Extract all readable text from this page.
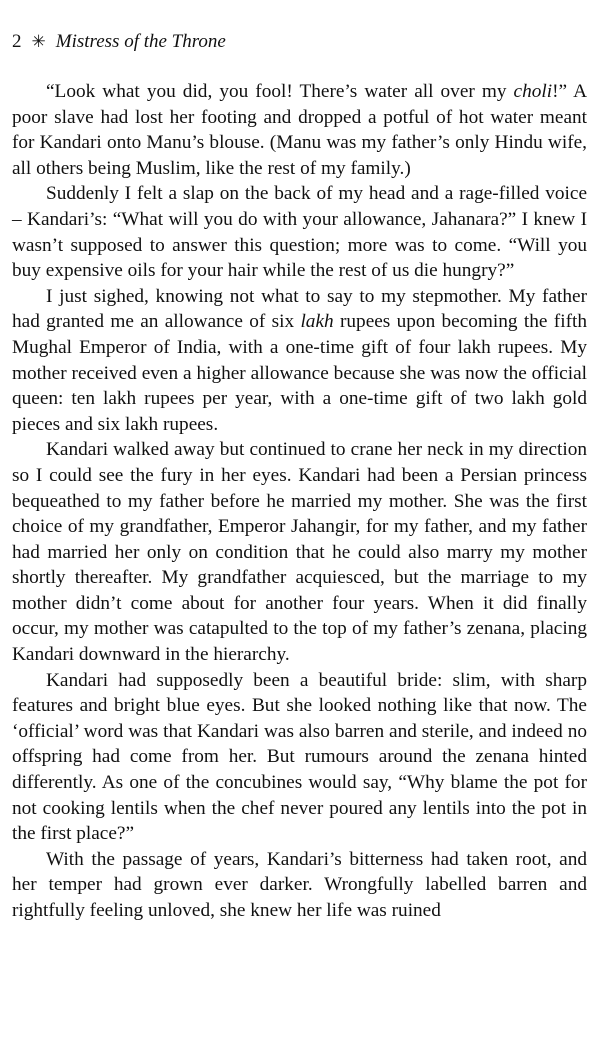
2 ✳ Mistress of the Throne

“Look what you did, you fool! There’s water all over my choli!” A poor slave had lost her footing and dropped a potful of hot water meant for Kandari onto Manu’s blouse. (Manu was my father’s only Hindu wife, all others being Muslim, like the rest of my family.)

Suddenly I felt a slap on the back of my head and a rage-filled voice – Kandari’s: “What will you do with your allowance, Jahanara?” I knew I wasn’t supposed to answer this question; more was to come. “Will you buy expensive oils for your hair while the rest of us die hungry?”

I just sighed, knowing not what to say to my stepmother. My father had granted me an allowance of six lakh rupees upon becoming the fifth Mughal Emperor of India, with a one-time gift of four lakh rupees. My mother received even a higher allowance because she was now the official queen: ten lakh rupees per year, with a one-time gift of two lakh gold pieces and six lakh rupees.

Kandari walked away but continued to crane her neck in my direction so I could see the fury in her eyes. Kandari had been a Persian princess bequeathed to my father before he married my mother. She was the first choice of my grandfather, Emperor Jahangir, for my father, and my father had married her only on condition that he could also marry my mother shortly thereafter. My grandfather acquiesced, but the marriage to my mother didn’t come about for another four years. When it did finally occur, my mother was catapulted to the top of my father’s zenana, placing Kandari downward in the hierarchy.

Kandari had supposedly been a beautiful bride: slim, with sharp features and bright blue eyes. But she looked nothing like that now. The ‘official’ word was that Kandari was also barren and sterile, and indeed no offspring had come from her. But rumours around the zenana hinted differently. As one of the concubines would say, “Why blame the pot for not cooking lentils when the chef never poured any lentils into the pot in the first place?”

With the passage of years, Kandari’s bitterness had taken root, and her temper had grown ever darker. Wrongfully labelled barren and rightfully feeling unloved, she knew her life was ruined
